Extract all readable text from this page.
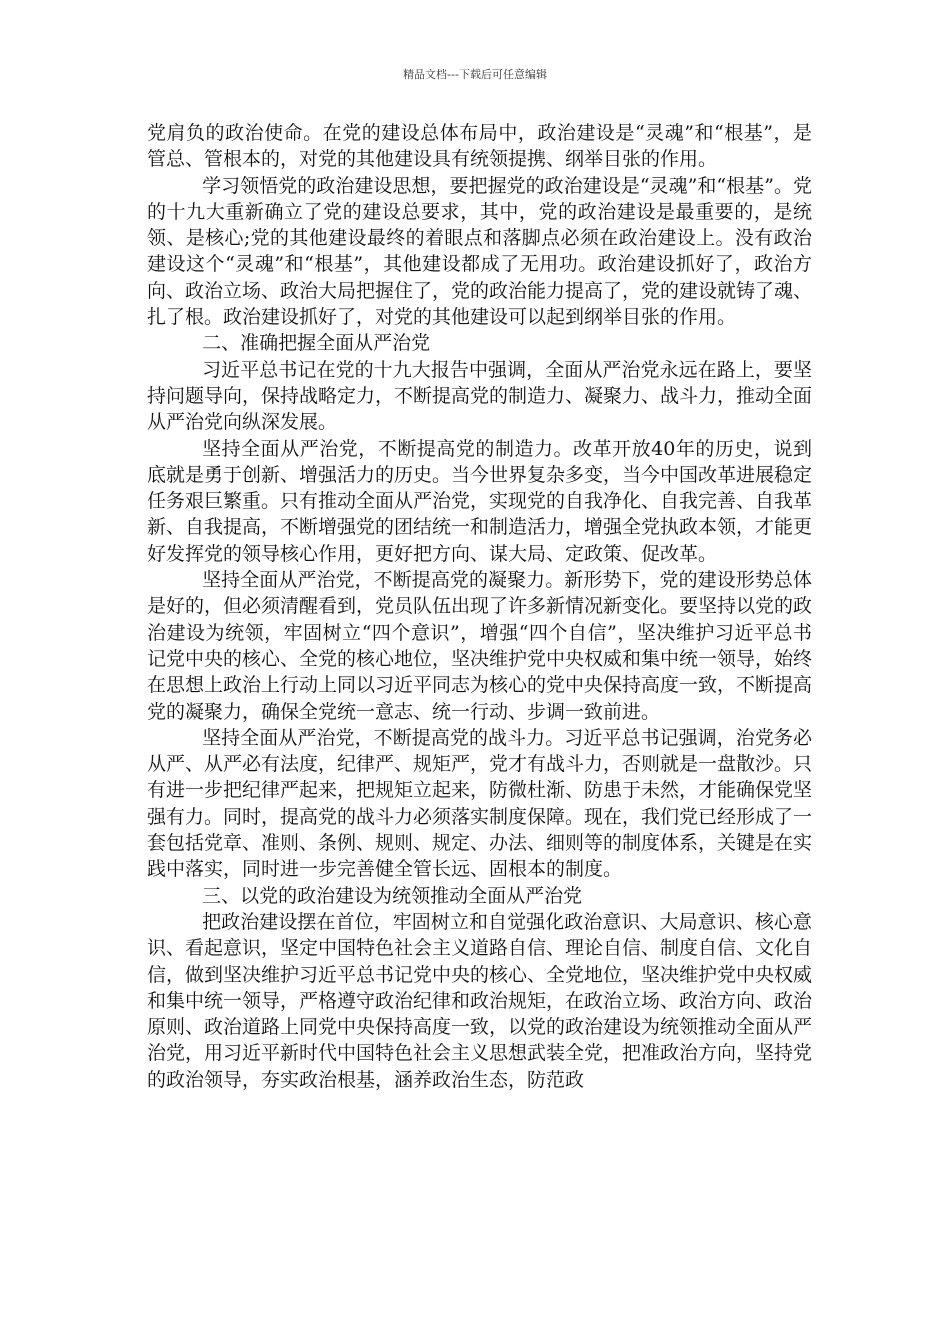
精品文档---下载后可任意编辑

党肩负的政治使命。在党的建设总体布局中，政治建设是“灵魂”和“根基”，是管总、管根本的，对党的其他建设具有统领提携、纲举目张的作用。

学习领悟党的政治建设思想，要把握党的政治建设是“灵魂”和“根基”。党的十九大重新确立了党的建设总要求，其中，党的政治建设是最重要的，是统领、是核心;党的其他建设最终的着眼点和落脚点必须在政治建设上。没有政治建设这个“灵魂”和“根基”，其他建设都成了无用功。政治建设抓好了，政治方向、政治立场、政治大局把握住了，党的政治能力提高了，党的建设就铸了魂、扎了根。政治建设抓好了，对党的其他建设可以起到纲举目张的作用。

二、准确把握全面从严治党

习近平总书记在党的十九大报告中强调，全面从严治党永远在路上，要坚持问题导向，保持战略定力，不断提高党的制造力、凝聚力、战斗力，推动全面从严治党向纵深发展。

坚持全面从严治党，不断提高党的制造力。改革开放40年的历史，说到底就是勇于创新、增强活力的历史。当今世界复杂多变，当今中国改革进展稳定任务艰巨繁重。只有推动全面从严治党，实现党的自我净化、自我完善、自我革新、自我提高，不断增强党的团结统一和制造活力，增强全党执政本领，才能更好发挥党的领导核心作用，更好把方向、谋大局、定政策、促改革。

坚持全面从严治党，不断提高党的凝聚力。新形势下，党的建设形势总体是好的，但必须清醒看到，党员队伍出现了许多新情况新变化。要坚持以党的政治建设为统领，牢固树立“四个意识”，增强“四个自信”，坚决维护习近平总书记党中央的核心、全党的核心地位，坚决维护党中央权威和集中统一领导，始终在思想上政治上行动上同以习近平同志为核心的党中央保持高度一致，不断提高党的凝聚力，确保全党统一意志、统一行动、步调一致前进。

坚持全面从严治党，不断提高党的战斗力。习近平总书记强调，治党务必从严、从严必有法度，纪律严、规矩严，党才有战斗力，否则就是一盘散沙。只有进一步把纪律严起来，把规矩立起来，防微杜渐、防患于未然，才能确保党坚强有力。同时，提高党的战斗力必须落实制度保障。现在，我们党已经形成了一套包括党章、准则、条例、规则、规定、办法、细则等的制度体系，关键是在实践中落实，同时进一步完善健全管长远、固根本的制度。

三、以党的政治建设为统领推动全面从严治党

把政治建设摆在首位，牢固树立和自觉强化政治意识、大局意识、核心意识、看起意识，坚定中国特色社会主义道路自信、理论自信、制度自信、文化自信，做到坚决维护习近平总书记党中央的核心、全党地位，坚决维护党中央权威和集中统一领导，严格遵守政治纪律和政治规矩，在政治立场、政治方向、政治原则、政治道路上同党中央保持高度一致，以党的政治建设为统领推动全面从严治党，用习近平新时代中国特色社会主义思想武装全党，把准政治方向，坚持党的政治领导，夯实政治根基，涵养政治生态，防范政
